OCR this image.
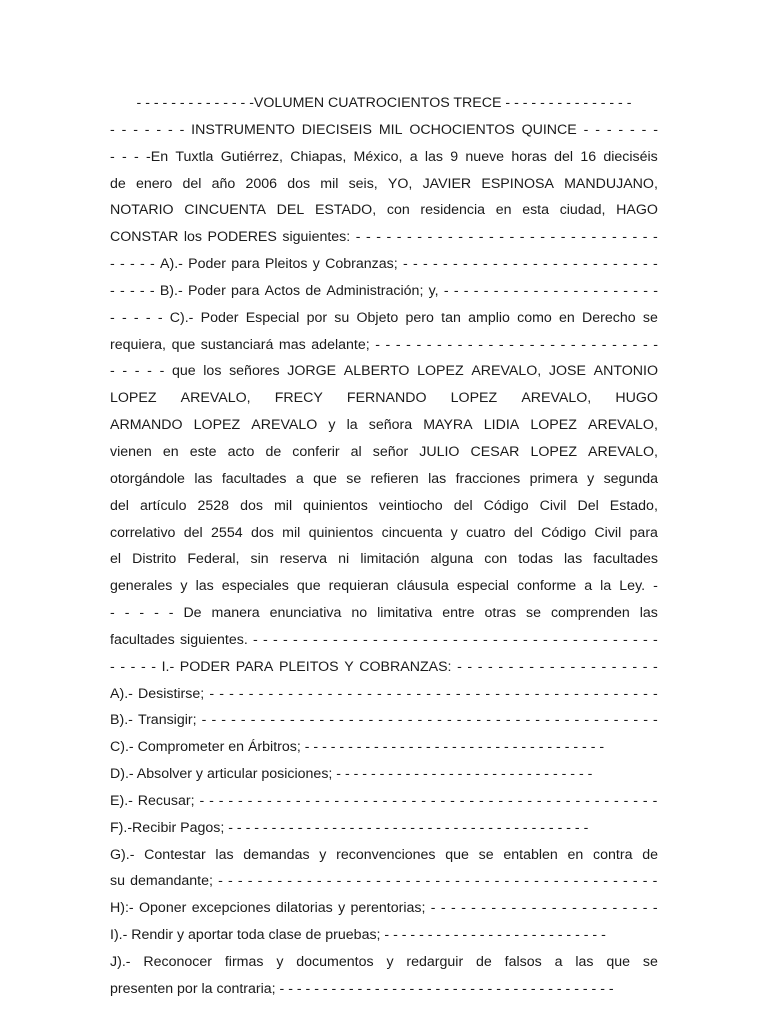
- - - - - - - - - - - - - -VOLUMEN CUATROCIENTOS TRECE - - - - - - - - - - - - - - -
- - - - - - - INSTRUMENTO DIECISEIS MIL OCHOCIENTOS QUINCE - - - - - - -
- - - -En Tuxtla Gutiérrez, Chiapas, México, a las 9 nueve horas del 16 dieciséis
de enero del año 2006 dos mil seis, YO, JAVIER ESPINOSA MANDUJANO,
NOTARIO CINCUENTA DEL ESTADO, con residencia en esta ciudad, HAGO
CONSTAR los PODERES siguientes: - - - - - - - - - - - - - - - - - - - - - - - - - - - - - -
- - - - - A).- Poder para Pleitos y Cobranzas; - - - - - - - - - - - - - - - - - - - - - - - - - -
- - - - - B).- Poder para Actos de Administración; y, - - - - - - - - - - - - - - - - - - - - - -
- - - - - C).- Poder Especial por su Objeto pero tan amplio como en Derecho se
requiera, que sustanciará mas adelante; - - - - - - - - - - - - - - - - - - - - - - - - - - - -
- - - - - que los señores JORGE ALBERTO LOPEZ AREVALO, JOSE ANTONIO
LOPEZ AREVALO, FRECY FERNANDO LOPEZ AREVALO, HUGO
ARMANDO LOPEZ AREVALO y la señora MAYRA LIDIA LOPEZ AREVALO,
vienen en este acto de conferir al señor JULIO CESAR LOPEZ AREVALO,
otorgándole las facultades a que se refieren las fracciones primera y segunda
del artículo 2528 dos mil quinientos veintiocho del Código Civil Del Estado,
correlativo del 2554 dos mil quinientos cincuenta y cuatro del Código Civil para
el Distrito Federal, sin reserva ni limitación alguna con todas las facultades
generales y las especiales que requieran cláusula especial conforme a la Ley. -
- - - - - De manera enunciativa no limitativa entre otras se comprenden las
facultades siguientes. - - - - - - - - - - - - - - - - - - - - - - - - - - - - - - - - - - - - - - - - -
- - - - - I.- PODER PARA PLEITOS Y COBRANZAS: - - - - - - - - - - - - - - - - - - - -
A).- Desistirse; - - - - - - - - - - - - - - - - - - - - - - - - - - - - - - - - - - - - - - - - - - - - - -
B).- Transigir; - - - - - - - - - - - - - - - - - - - - - - - - - - - - - - - - - - - - - - - - - - - - - - -
C).- Comprometer en Árbitros; - - - - - - - - - - - - - - - - - - - - - - - - - - - - - - - - - - -
D).- Absolver y articular posiciones; - - - - - - - - - - - - - - - - - - - - - - - - - - - - - -
E).- Recusar; - - - - - - - - - - - - - - - - - - - - - - - - - - - - - - - - - - - - - - - - - - - - - - - -
F).-Recibir Pagos; - - - - - - - - - - - - - - - - - - - - - - - - - - - - - - - - - - - - - - - - - -
G).- Contestar las demandas y reconvenciones que se entablen en contra de
su demandante; - - - - - - - - - - - - - - - - - - - - - - - - - - - - - - - - - - - - - - - - - - - - -
H):- Oponer excepciones dilatorias y perentorias; - - - - - - - - - - - - - - - - - - - - - - -
I).- Rendir y aportar toda clase de pruebas; - - - - - - - - - - - - - - - - - - - - - - - - - -
J).- Reconocer firmas y documentos y redarguir de falsos a las que se
presenten por la contraria; - - - - - - - - - - - - - - - - - - - - - - - - - - - - - - - - - - - - - - -
